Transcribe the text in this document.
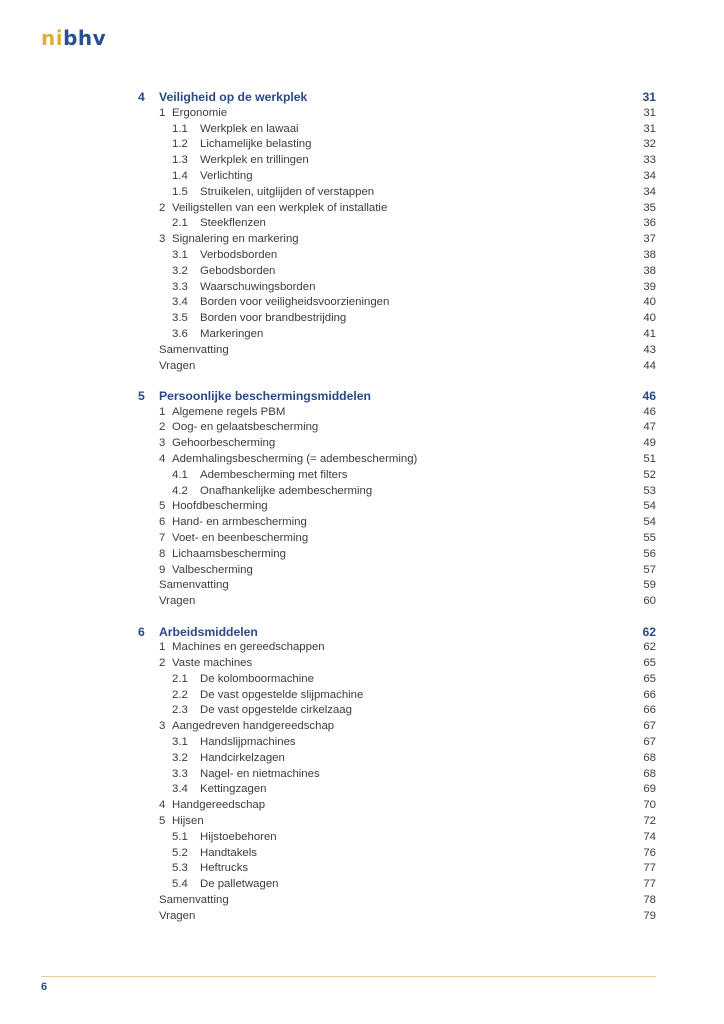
nibhv
4 Veiligheid op de werkplek	31
1 Ergonomie	31
1.1 Werkplek en lawaai	31
1.2 Lichamelijke belasting	32
1.3 Werkplek en trillingen	33
1.4 Verlichting	34
1.5 Struikelen, uitglijden of verstappen	34
2 Veiligstellen van een werkplek of installatie	35
2.1 Steekflenzen	36
3 Signalering en markering	37
3.1 Verbodsborden	38
3.2 Gebodsborden	38
3.3 Waarschuwingsborden	39
3.4 Borden voor veiligheidsvoorzieningen	40
3.5 Borden voor brandbestrijding	40
3.6 Markeringen	41
Samenvatting	43
Vragen	44
5 Persoonlijke beschermingsmiddelen	46
1 Algemene regels PBM	46
2 Oog- en gelaatsbescherming	47
3 Gehoorbescherming	49
4 Ademhalingsbescherming (= adembescherming)	51
4.1 Adembescherming met filters	52
4.2 Onafhankelijke adembescherming	53
5 Hoofdbescherming	54
6 Hand- en armbescherming	54
7 Voet- en beenbescherming	55
8 Lichaamsbescherming	56
9 Valbescherming	57
Samenvatting	59
Vragen	60
6 Arbeidsmiddelen	62
1 Machines en gereedschappen	62
2 Vaste machines	65
2.1 De kolomboormachine	65
2.2 De vast opgestelde slijpmachine	66
2.3 De vast opgestelde cirkelzaag	66
3 Aangedreven handgereedschap	67
3.1 Handslijpmachines	67
3.2 Handcirkelzagen	68
3.3 Nagel- en nietmachines	68
3.4 Kettingzagen	69
4 Handgereedschap	70
5 Hijsen	72
5.1 Hijstoebehoren	74
5.2 Handtakels	76
5.3 Heftrucks	77
5.4 De palletwagen	77
Samenvatting	78
Vragen	79
6
